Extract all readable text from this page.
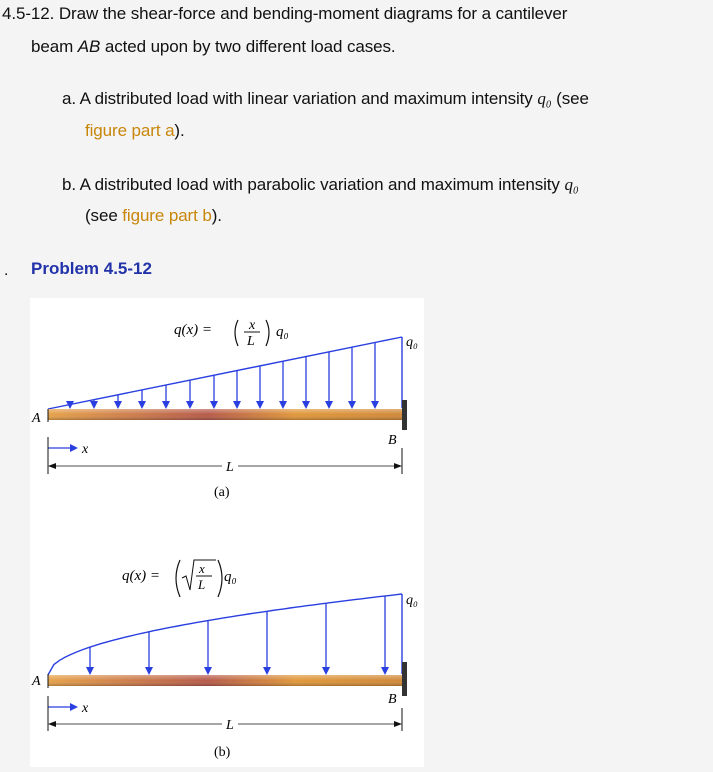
4.5-12. Draw the shear-force and bending-moment diagrams for a cantilever
beam AB acted upon by two different load cases.
a. A distributed load with linear variation and maximum intensity q₀ (see
figure part a).
b. A distributed load with parabolic variation and maximum intensity q₀
(see figure part b).
. Problem 4.5-12
q(x) =	x
L
q₀
q₀
A
B
x
L
(a)
q(x) =	x
L q₀
q₀
A
B
x
L
(b)
